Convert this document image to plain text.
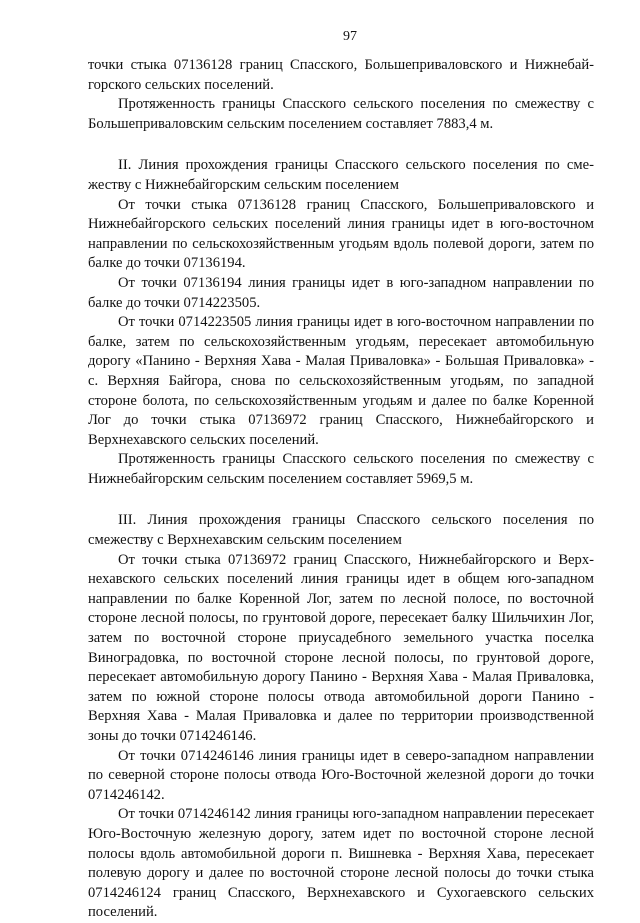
97

точки стыка 07136128 границ Спасского, Большеприваловского и Нижнебайгорского сельских поселений.

Протяженность границы Спасского сельского поселения по смежеству с Большеприваловским сельским поселением составляет 7883,4 м.

II. Линия прохождения границы Спасского сельского поселения по смежеству с Нижнебайгорским сельским поселением

От точки стыка 07136128 границ Спасского, Большеприваловского и Нижнебайгорского сельских поселений линия границы идет в юго-восточном направлении по сельскохозяйственным угодьям вдоль полевой дороги, затем по балке до точки 07136194.

От точки 07136194 линия границы идет в юго-западном направлении по балке до точки 0714223505.

От точки 0714223505 линия границы идет в юго-восточном направлении по балке, затем по сельскохозяйственным угодьям, пересекает автомобильную дорогу «Панино - Верхняя Хава - Малая Приваловка» - Большая Приваловка» - с. Верхняя Байгора, снова по сельскохозяйственным угодьям, по западной стороне болота, по сельскохозяйственным угодьям и далее по балке Коренной Лог до точки стыка 07136972 границ Спасского, Нижнебайгорского и Верхнехавского сельских поселений.

Протяженность границы Спасского сельского поселения по смежеству с Нижнебайгорским сельским поселением составляет 5969,5 м.

III. Линия прохождения границы Спасского сельского поселения по смежеству с Верхнехавским сельским поселением

От точки стыка 07136972 границ Спасского, Нижнебайгорского и Верхнехавского сельских поселений линия границы идет в общем юго-западном направлении по балке Коренной Лог, затем по лесной полосе, по восточной стороне лесной полосы, по грунтовой дороге, пересекает балку Шильчихин Лог, затем по восточной стороне приусадебного земельного участка поселка Виноградовка, по восточной стороне лесной полосы, по грунтовой дороге, пересекает автомобильную дорогу Панино - Верхняя Хава - Малая Приваловка, затем по южной стороне полосы отвода автомобильной дороги Панино - Верхняя Хава - Малая Приваловка и далее по территории производственной зоны до точки 0714246146.

От точки 0714246146 линия границы идет в северо-западном направлении по северной стороне полосы отвода Юго-Восточной железной дороги до точки 0714246142.

От точки 0714246142 линия границы юго-западном направлении пересекает Юго-Восточную железную дорогу, затем идет по восточной стороне лесной полосы вдоль автомобильной дороги п. Вишневка - Верхняя Хава, пересекает полевую дорогу и далее по восточной стороне лесной полосы до точки стыка 0714246124 границ Спасского, Верхнехавского и Сухогаевского сельских поселений.
